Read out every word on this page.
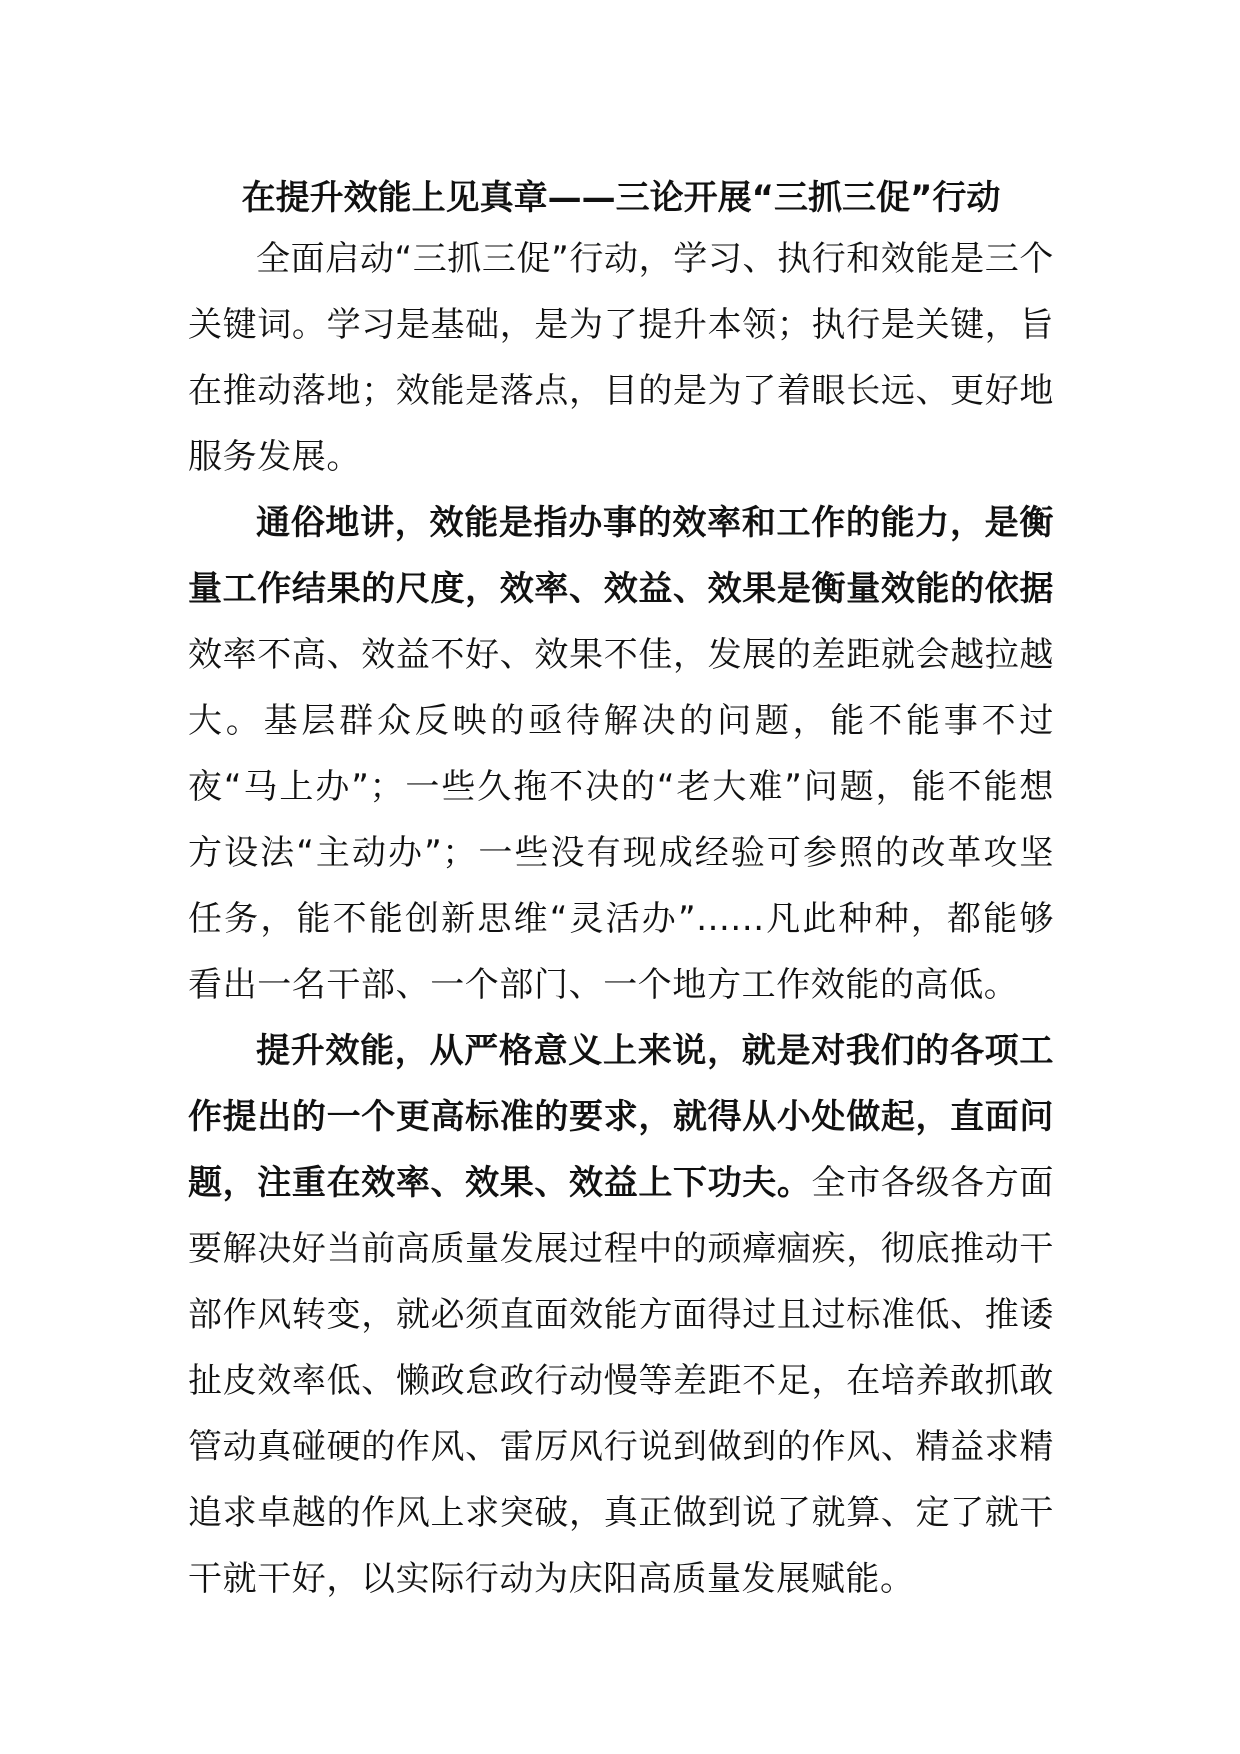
在提升效能上见真章——三论开展“三抓三促”行动

全面启动“三抓三促”行动，学习、执行和效能是三个关键词。学习是基础，是为了提升本领；执行是关键，旨在推动落地；效能是落点，目的是为了着眼长远、更好地服务发展。

通俗地讲，效能是指办事的效率和工作的能力，是衡量工作结果的尺度，效率、效益、效果是衡量效能的依据效率不高、效益不好、效果不佳，发展的差距就会越拉越大。基层群众反映的亟待解决的问题，能不能事不过夜“马上办”；一些久拖不决的“老大难”问题，能不能想方设法“主动办”；一些没有现成经验可参照的改革攻坚任务，能不能创新思维“灵活办”......凡此种种，都能够看出一名干部、一个部门、一个地方工作效能的高低。

提升效能，从严格意义上来说，就是对我们的各项工作提出的一个更高标准的要求，就得从小处做起，直面问题，注重在效率、效果、效益上下功夫。全市各级各方面要解决好当前高质量发展过程中的顽瘴痼疾，彻底推动干部作风转变，就必须直面效能方面得过且过标准低、推诿扯皮效率低、懒政怠政行动慢等差距不足，在培养敢抓敢管动真碰硬的作风、雷厉风行说到做到的作风、精益求精追求卓越的作风上求突破，真正做到说了就算、定了就干干就干好，以实际行动为庆阳高质量发展赋能。
